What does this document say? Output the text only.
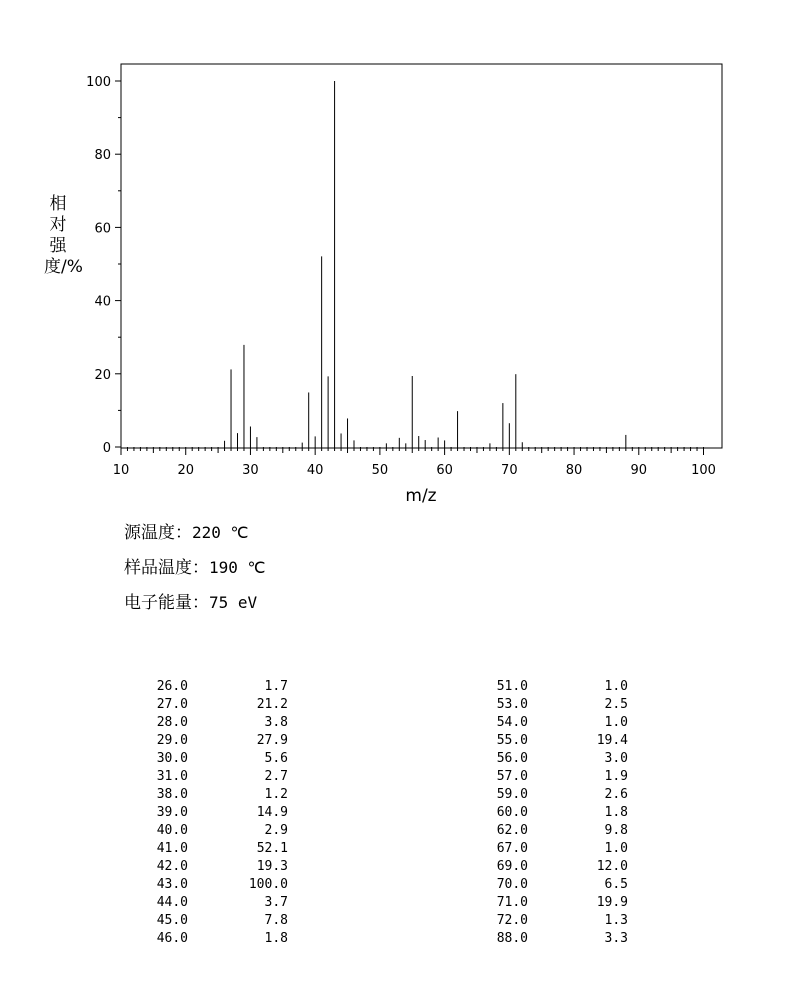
0
20
40
60
80
100
10	20	30	40	50	60	70	80	90	100
m/z
相对强度/%
源温度：220 ℃
样品温度：190 ℃
电子能量：75 eV
26.0	1.7
27.0	21.2
28.0	3.8
29.0	27.9
30.0	5.6
31.0	2.7
38.0	1.2
39.0	14.9
40.0	2.9
41.0	52.1
42.0	19.3
43.0	100.0
44.0	3.7
45.0	7.8
46.0	1.8
51.0	1.0
53.0	2.5
54.0	1.0
55.0	19.4
56.0	3.0
57.0	1.9
59.0	2.6
60.0	1.8
62.0	9.8
67.0	1.0
69.0	12.0
70.0	6.5
71.0	19.9
72.0	1.3
88.0	3.3
